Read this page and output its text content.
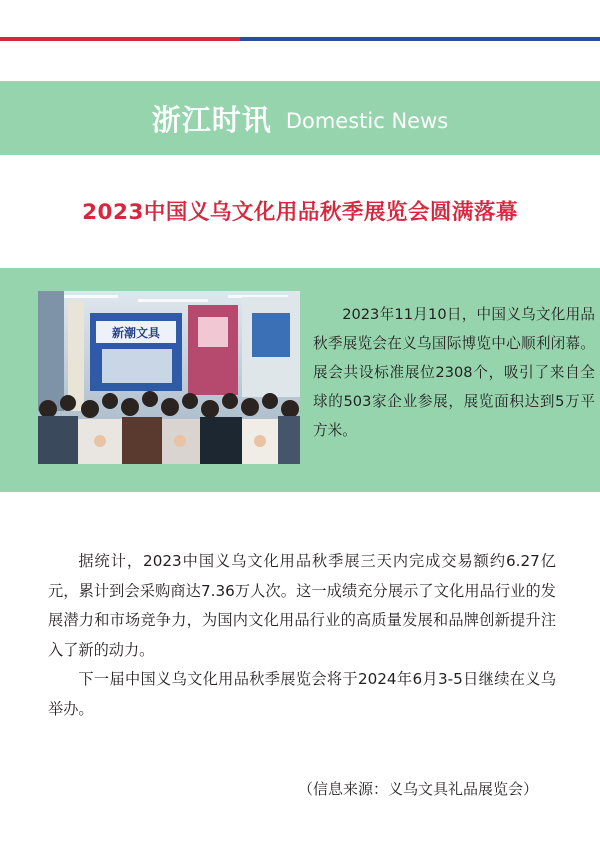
浙江时讯 Domestic News
2023中国义乌文化用品秋季展览会圆满落幕
新潮文具
2023年11月10日，中国义乌文化用品秋季展览会在义乌国际博览中心顺利闭幕。展会共设标准展位2308个，吸引了来自全球的503家企业参展，展览面积达到5万平方米。

据统计，2023中国义乌文化用品秋季展三天内完成交易额约6.27亿元，累计到会采购商达7.36万人次。这一成绩充分展示了文化用品行业的发展潜力和市场竞争力，为国内文化用品行业的高质量发展和品牌创新提升注入了新的动力。

下一届中国义乌文化用品秋季展览会将于2024年6月3-5日继续在义乌举办。

（信息来源：义乌文具礼品展览会）
